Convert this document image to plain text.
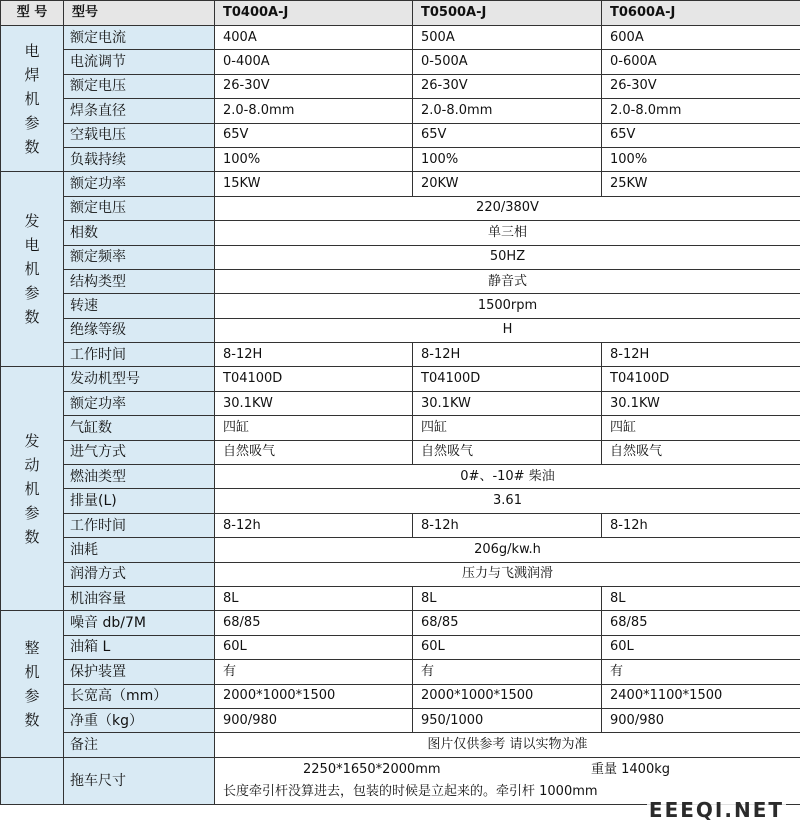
型 号	型号	T0400A-J	T0500A-J	T0600A-J

电焊机参数	额定电流	400A	500A	600A
	电流调节	0-400A	0-500A	0-600A
	额定电压	26-30V	26-30V	26-30V
	焊条直径	2.0-8.0mm	2.0-8.0mm	2.0-8.0mm
	空载电压	65V	65V	65V
	负载持续	100%	100%	100%

发电机参数	额定功率	15KW	20KW	25KW
	额定电压	220/380V		
	相数	单三相		
	额定频率	50HZ		
	结构类型	静音式		
	转速	1500rpm		
	绝缘等级	H		
	工作时间	8-12H	8-12H	8-12H

发动机参数	发动机型号	T04100D	T04100D	T04100D
	额定功率	30.1KW	30.1KW	30.1KW
	气缸数	四缸	四缸	四缸
	进气方式	自然吸气	自然吸气	自然吸气
	燃油类型	0#、-10# 柴油		
	排量(L)	3.61		
	工作时间	8-12h	8-12h	8-12h
	油耗	206g/kw.h		
	润滑方式	压力与飞溅润滑		
	机油容量	8L	8L	8L

整机参数	噪音 db/7M	68/85	68/85	68/85
	油箱 L	60L	60L	60L
	保护装置	有	有	有
	长宽高（mm）	2000*1000*1500	2000*1000*1500	2400*1100*1500
	净重（kg）	900/980	950/1000	900/980
	备注	图片仅供参考 请以实物为准		
	拖车尺寸	2250*1650*2000mm 重量 1400kg
长度牵引杆没算进去，包装的时候是立起来的。牵引杆 1000mm		
EEEQI.NET
